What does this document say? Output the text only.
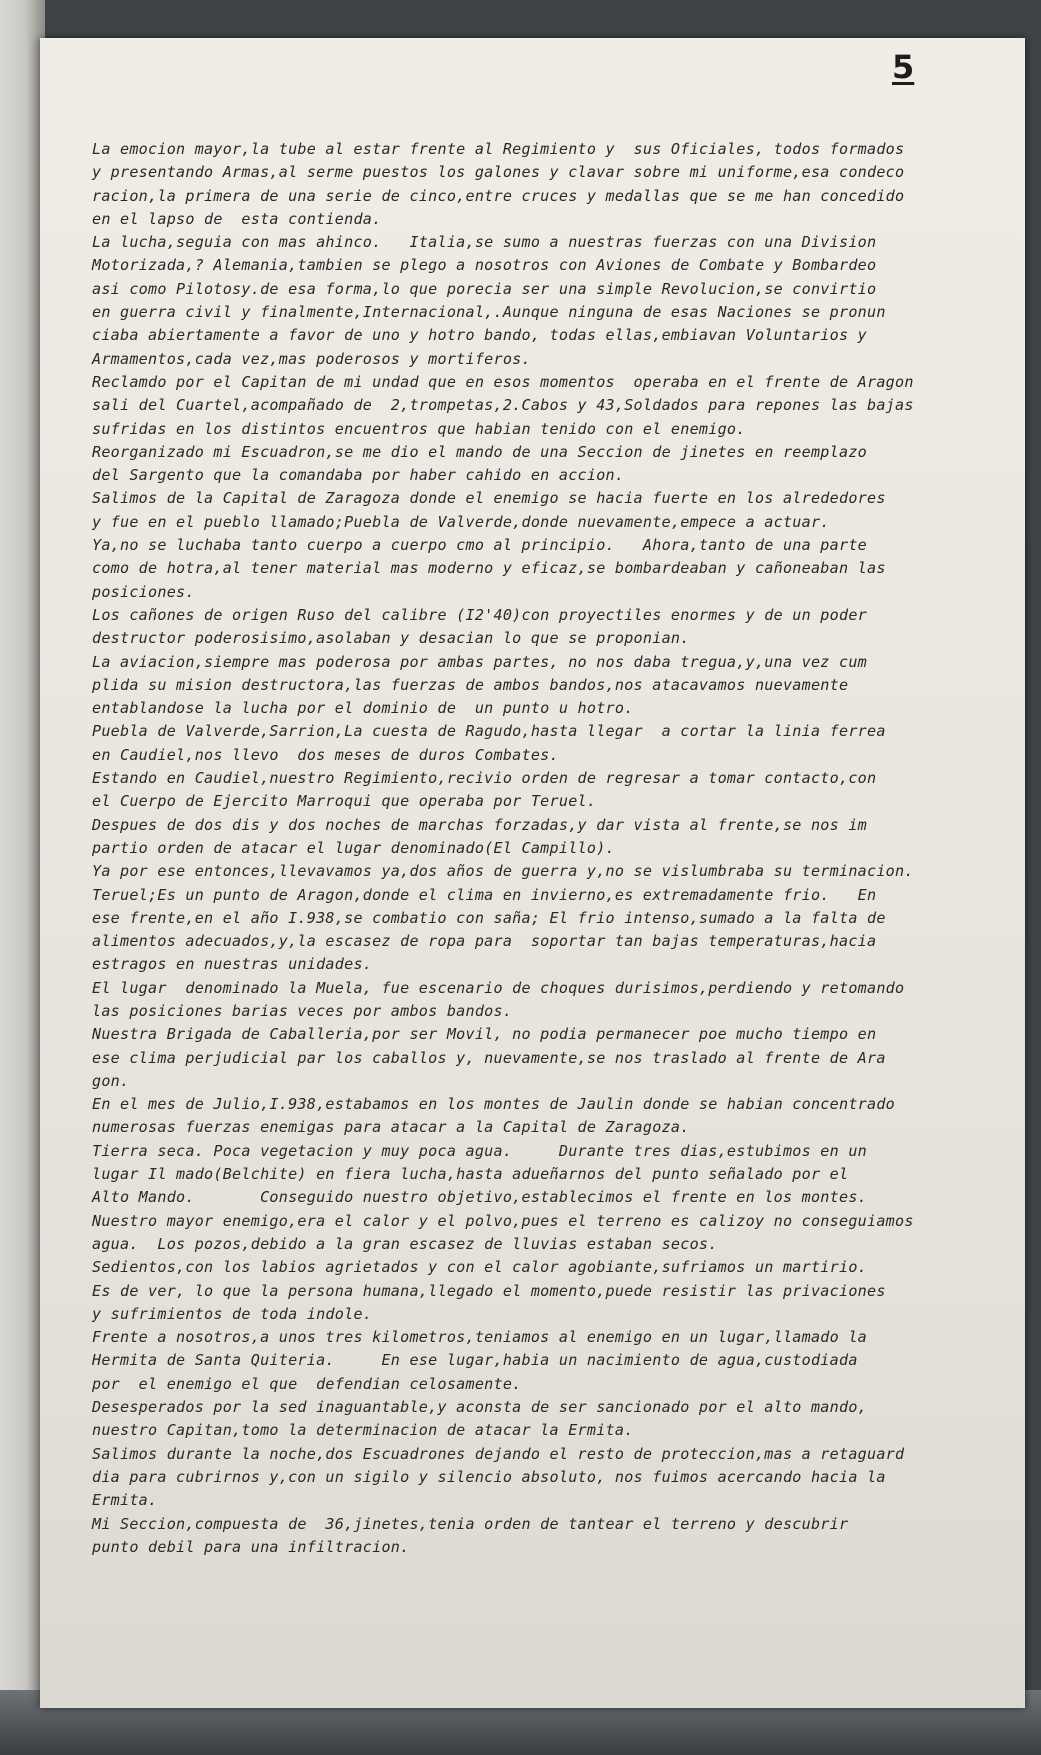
5
La emocion mayor,la tube al estar frente al Regimiento y  sus Oficiales, todos formados
y presentando Armas,al serme puestos los galones y clavar sobre mi uniforme,esa condeco
racion,la primera de una serie de cinco,entre cruces y medallas que se me han concedido
en el lapso de  esta contienda.
La lucha,seguia con mas ahinco.   Italia,se sumo a nuestras fuerzas con una Division
Motorizada,? Alemania,tambien se plego a nosotros con Aviones de Combate y Bombardeo
asi como Pilotosy.de esa forma,lo que porecia ser una simple Revolucion,se convirtio
en guerra civil y finalmente,Internacional,.Aunque ninguna de esas Naciones se pronun
ciaba abiertamente a favor de uno y hotro bando, todas ellas,embiavan Voluntarios y
Armamentos,cada vez,mas poderosos y mortiferos.
Reclamdo por el Capitan de mi undad que en esos momentos  operaba en el frente de Aragon
sali del Cuartel,acompañado de  2,trompetas,2.Cabos y 43,Soldados para repones las bajas
sufridas en los distintos encuentros que habian tenido con el enemigo.
Reorganizado mi Escuadron,se me dio el mando de una Seccion de jinetes en reemplazo
del Sargento que la comandaba por haber cahido en accion.
Salimos de la Capital de Zaragoza donde el enemigo se hacia fuerte en los alrededores
y fue en el pueblo llamado;Puebla de Valverde,donde nuevamente,empece a actuar.
Ya,no se luchaba tanto cuerpo a cuerpo cmo al principio.   Ahora,tanto de una parte
como de hotra,al tener material mas moderno y eficaz,se bombardeaban y cañoneaban las
posiciones.
Los cañones de origen Ruso del calibre (I2'40)con proyectiles enormes y de un poder
destructor poderosisimo,asolaban y desacian lo que se proponian.
La aviacion,siempre mas poderosa por ambas partes, no nos daba tregua,y,una vez cum
plida su mision destructora,las fuerzas de ambos bandos,nos atacavamos nuevamente
entablandose la lucha por el dominio de  un punto u hotro.
Puebla de Valverde,Sarrion,La cuesta de Ragudo,hasta llegar  a cortar la linia ferrea
en Caudiel,nos llevo  dos meses de duros Combates.
Estando en Caudiel,nuestro Regimiento,recivio orden de regresar a tomar contacto,con
el Cuerpo de Ejercito Marroqui que operaba por Teruel.
Despues de dos dis y dos noches de marchas forzadas,y dar vista al frente,se nos im
partio orden de atacar el lugar denominado(El Campillo).
Ya por ese entonces,llevavamos ya,dos años de guerra y,no se vislumbraba su terminacion.
Teruel;Es un punto de Aragon,donde el clima en invierno,es extremadamente frio.   En
ese frente,en el año I.938,se combatio con saña; El frio intenso,sumado a la falta de
alimentos adecuados,y,la escasez de ropa para  soportar tan bajas temperaturas,hacia
estragos en nuestras unidades.
El lugar  denominado la Muela, fue escenario de choques durisimos,perdiendo y retomando
las posiciones barias veces por ambos bandos.
Nuestra Brigada de Caballeria,por ser Movil, no podia permanecer poe mucho tiempo en
ese clima perjudicial par los caballos y, nuevamente,se nos traslado al frente de Ara
gon.
En el mes de Julio,I.938,estabamos en los montes de Jaulin donde se habian concentrado
numerosas fuerzas enemigas para atacar a la Capital de Zaragoza.
Tierra seca. Poca vegetacion y muy poca agua.     Durante tres dias,estubimos en un
lugar Il mado(Belchite) en fiera lucha,hasta adueñarnos del punto señalado por el
Alto Mando.       Conseguido nuestro objetivo,establecimos el frente en los montes.
Nuestro mayor enemigo,era el calor y el polvo,pues el terreno es calizoy no conseguiamos
agua.  Los pozos,debido a la gran escasez de lluvias estaban secos.
Sedientos,con los labios agrietados y con el calor agobiante,sufriamos un martirio.
Es de ver, lo que la persona humana,llegado el momento,puede resistir las privaciones
y sufrimientos de toda indole.
Frente a nosotros,a unos tres kilometros,teniamos al enemigo en un lugar,llamado la
Hermita de Santa Quiteria.     En ese lugar,habia un nacimiento de agua,custodiada
por  el enemigo el que  defendian celosamente.
Desesperados por la sed inaguantable,y aconsta de ser sancionado por el alto mando,
nuestro Capitan,tomo la determinacion de atacar la Ermita.
Salimos durante la noche,dos Escuadrones dejando el resto de proteccion,mas a retaguard
dia para cubrirnos y,con un sigilo y silencio absoluto, nos fuimos acercando hacia la
Ermita.
Mi Seccion,compuesta de  36,jinetes,tenia orden de tantear el terreno y descubrir
punto debil para una infiltracion.
